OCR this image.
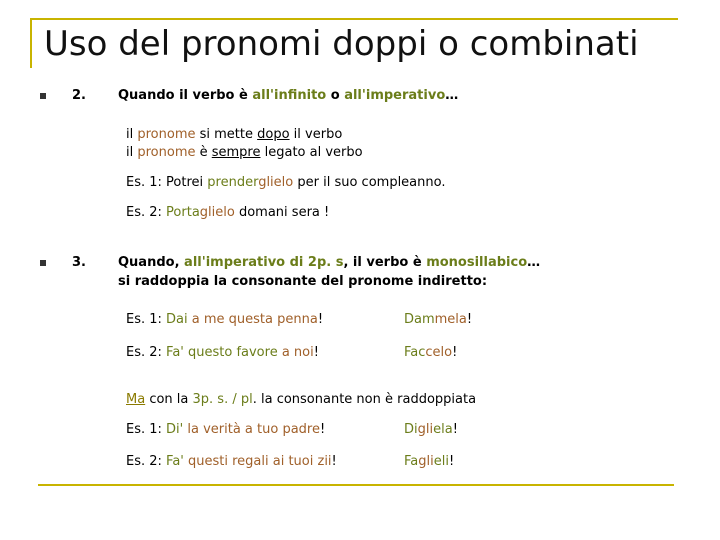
Uso del pronomi doppi o combinati
2. Quando il verbo è all'infinito o all'imperativo…
il pronome si mette dopo il verbo
il pronome è sempre legato al verbo
Es. 1: Potrei prenderglielo per il suo compleanno.
Es. 2: Portaglielo domani sera !
3. Quando, all'imperativo di 2p. s, il verbo è monosillabico…
si raddoppia la consonante del pronome indiretto:
Es. 1: Dai a me questa penna!	Dammela!
Es. 2: Fa' questo favore a noi!	Faccelo!
Ma con la 3p. s. / pl. la consonante non è raddoppiata
Es. 1: Di' la verità a tuo padre!	Digliela!
Es. 2: Fa' questi regali ai tuoi zii!	Faglieli!
